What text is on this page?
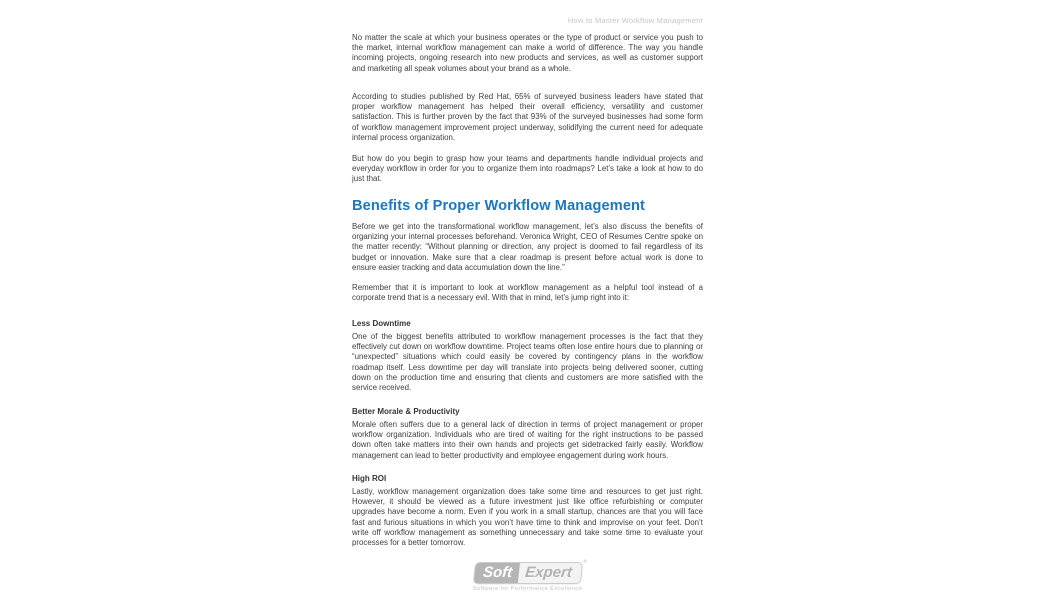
How to Master Workflow Management

No matter the scale at which your business operates or the type of product or service you push to the market, internal workflow management can make a world of difference. The way you handle incoming projects, ongoing research into new products and services, as well as customer support and marketing all speak volumes about your brand as a whole.

According to studies published by Red Hat, 65% of surveyed business leaders have stated that proper workflow management has helped their overall efficiency, versatility and customer satisfaction. This is further proven by the fact that 93% of the surveyed businesses had some form of workflow management improvement project underway, solidifying the current need for adequate internal process organization.

But how do you begin to grasp how your teams and departments handle individual projects and everyday workflow in order for you to organize them into roadmaps? Let’s take a look at how to do just that.

Benefits of Proper Workflow Management

Before we get into the transformational workflow management, let’s also discuss the benefits of organizing your internal processes beforehand. Veronica Wright, CEO of Resumes Centre spoke on the matter recently: “Without planning or direction, any project is doomed to fail regardless of its budget or innovation. Make sure that a clear roadmap is present before actual work is done to ensure easier tracking and data accumulation down the line.”

Remember that it is important to look at workflow management as a helpful tool instead of a corporate trend that is a necessary evil. With that in mind, let’s jump right into it:

Less Downtime

One of the biggest benefits attributed to workflow management processes is the fact that they effectively cut down on workflow downtime. Project teams often lose entire hours due to planning or “unexpected” situations which could easily be covered by contingency plans in the workflow roadmap itself. Less downtime per day will translate into projects being delivered sooner, cutting down on the production time and ensuring that clients and customers are more satisfied with the service received.

Better Morale & Productivity

Morale often suffers due to a general lack of direction in terms of project management or proper workflow organization. Individuals who are tired of waiting for the right instructions to be passed down often take matters into their own hands and projects get sidetracked fairly easily. Workflow management can lead to better productivity and employee engagement during work hours.

High ROI

Lastly, workflow management organization does take some time and resources to get just right. However, it should be viewed as a future investment just like office refurbishing or computer upgrades have become a norm. Even if you work in a small startup, chances are that you will face fast and furious situations in which you won’t have time to think and improvise on your feet. Don’t write off workflow management as something unnecessary and take some time to evaluate your processes for a better tomorrow.

Soft Expert
®
Software for Performance Excellence
